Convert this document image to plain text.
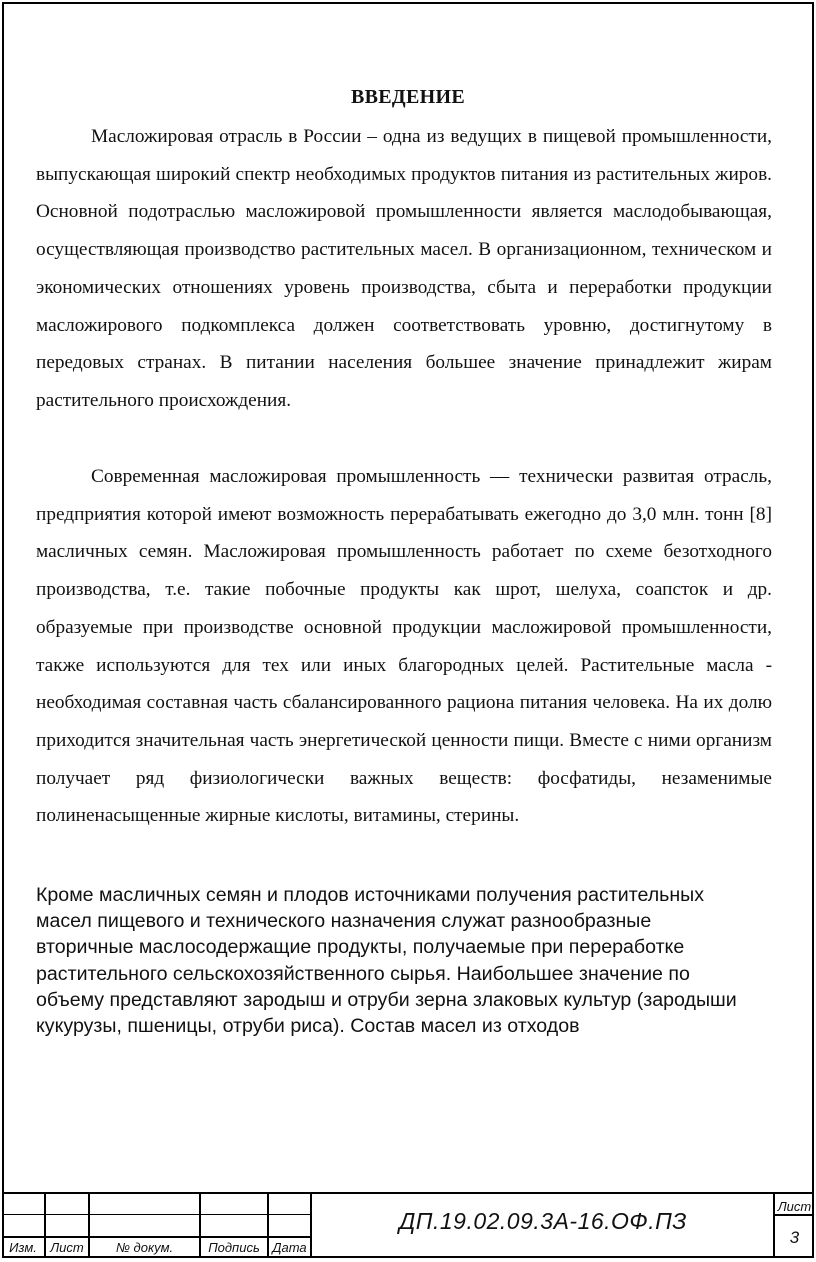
ВВЕДЕНИЕ

Масложировая отрасль в России – одна из ведущих в пищевой промышленности, выпускающая широкий спектр необходимых продуктов питания из растительных жиров. Основной подотраслью масложировой промышленности является маслодобывающая, осуществляющая производство растительных масел. В организационном, техническом и экономических отношениях уровень производства, сбыта и переработки продукции масложирового подкомплекса должен соответствовать уровню, достигнутому в передовых странах. В питании населения большее значение принадлежит жирам растительного происхождения.

Современная масложировая промышленность — технически развитая отрасль, предприятия которой имеют возможность перерабатывать ежегодно до 3,0 млн. тонн [8] масличных семян. Масложировая промышленность работает по схеме безотходного производства, т.е. такие побочные продукты как шрот, шелуха, соапсток и др. образуемые при производстве основной продукции масложировой промышленности, также используются для тех или иных благородных целей. Растительные масла - необходимая составная часть сбалансированного рациона питания человека. На их долю приходится значительная часть энергетической ценности пищи. Вместе с ними организм получает ряд физиологически важных веществ: фосфатиды, незаменимые полиненасыщенные жирные кислоты, витамины, стерины.

Кроме масличных семян и плодов источниками получения растительных
масел пищевого и технического назначения служат разнообразные
вторичные маслосодержащие продукты, получаемые при переработке
растительного сельскохозяйственного сырья. Наибольшее значение по
объему представляют зародыш и отруби зерна злаковых культур (зародыши
кукурузы, пшеницы, отруби риса). Состав масел из отходов
Изм.	Лист	№ докум.	Подпись Дата
ДП.19.02.09.3А-16.ОФ.ПЗ
Лист
3
